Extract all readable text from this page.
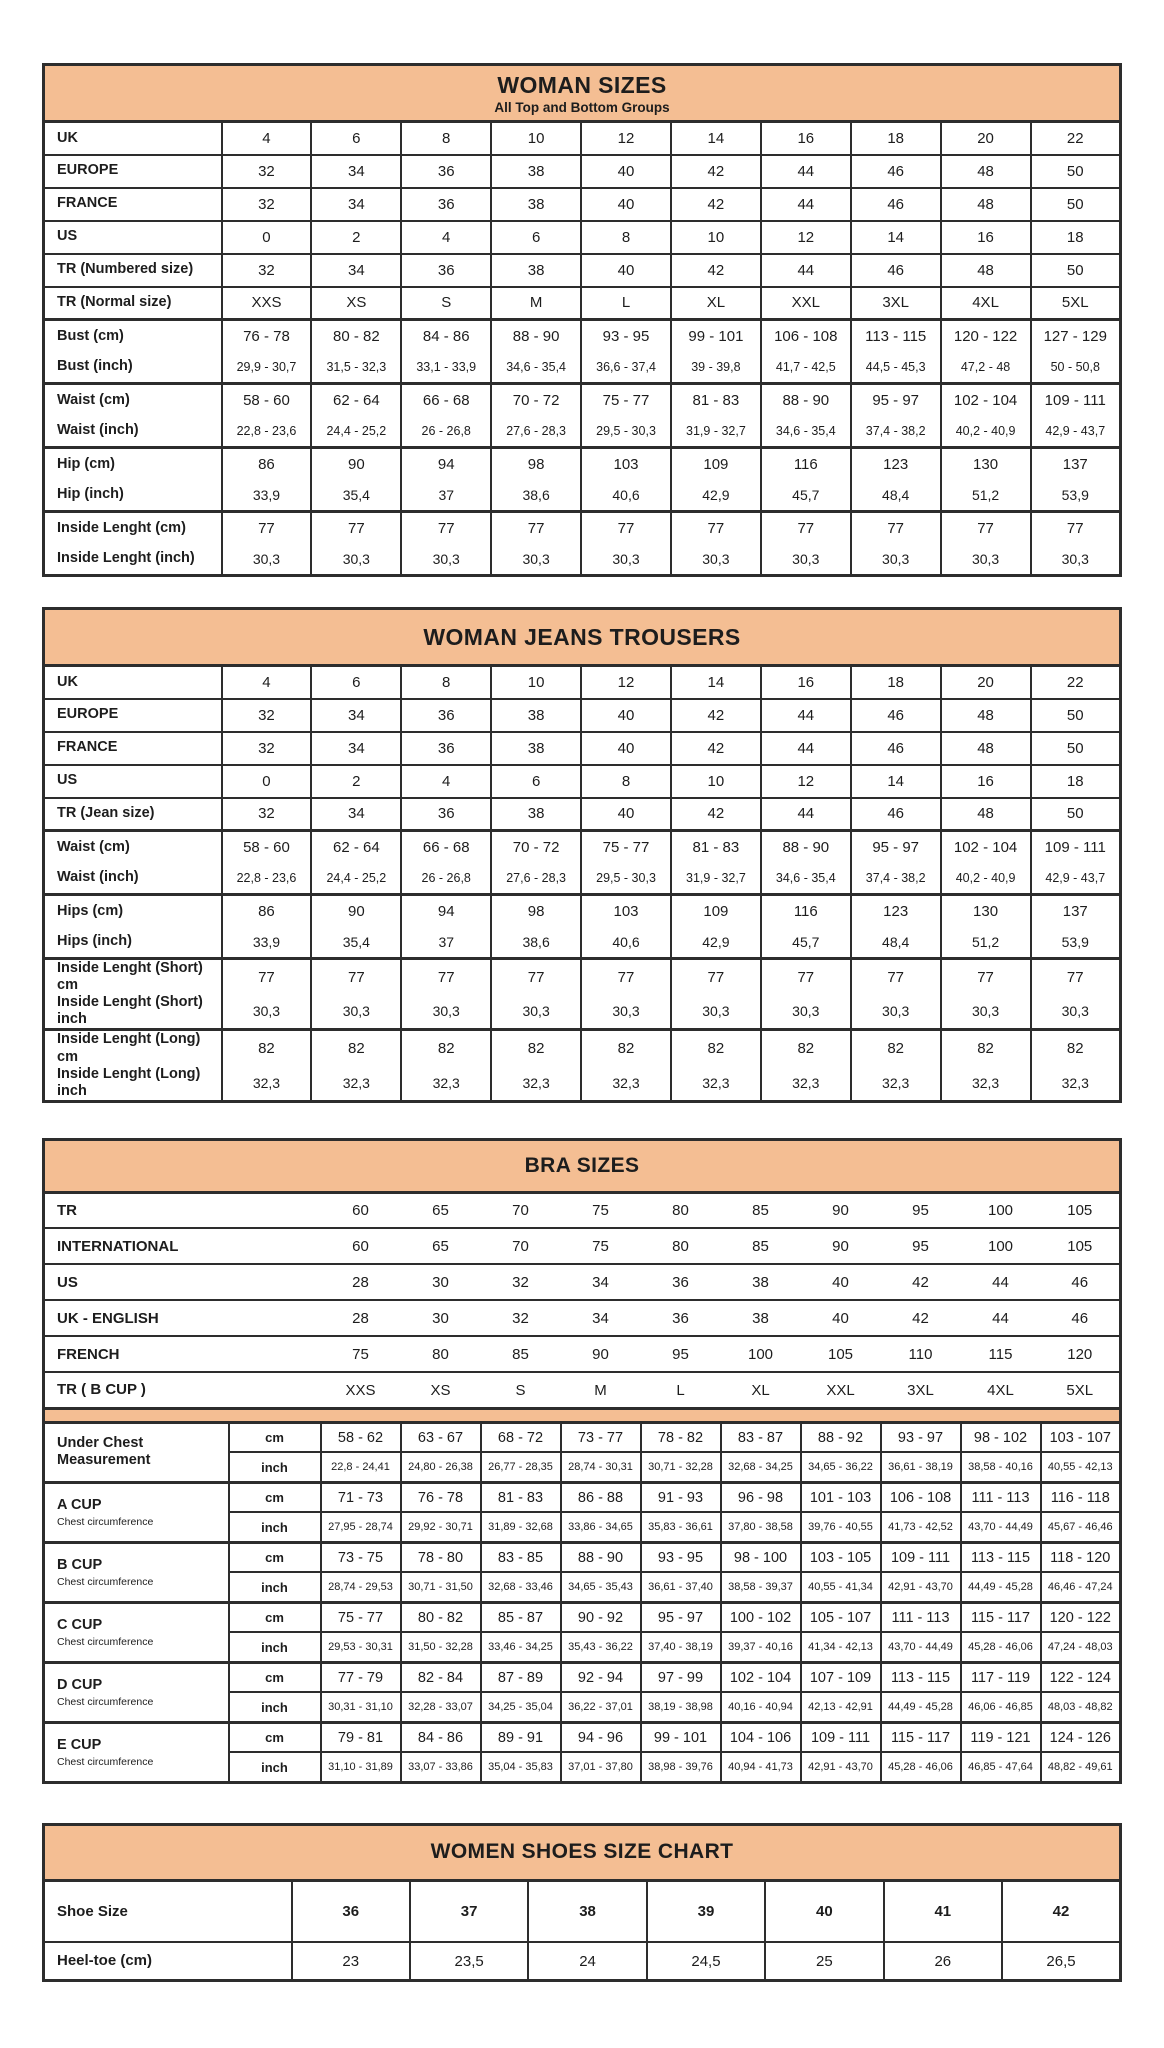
WOMAN SIZES
All Top and Bottom Groups										

UK	4	6	8	10	12	14	16	18	20	22

EUROPE	32	34	36	38	40	42	44	46	48	50

FRANCE	32	34	36	38	40	42	44	46	48	50

US	0	2	4	6	8	10	12	14	16	18

TR (Numbered size)	32	34	36	38	40	42	44	46	48	50

TR (Normal size)	XXS	XS	S	M	L	XL	XXL	3XL	4XL	5XL

Bust (cm)	76 - 78	80 - 82	84 - 86	88 - 90	93 - 95	99 - 101	106 - 108	113 - 115	120 - 122	127 - 129

Bust (inch)	29,9 - 30,7	31,5 - 32,3	33,1 - 33,9	34,6 - 35,4	36,6 - 37,4	39 - 39,8	41,7 - 42,5	44,5 - 45,3	47,2 - 48	50 - 50,8

Waist (cm)	58 - 60	62 - 64	66 - 68	70 - 72	75 - 77	81 - 83	88 - 90	95 - 97	102 - 104	109 - 111

Waist (inch)	22,8 - 23,6	24,4 - 25,2	26 - 26,8	27,6 - 28,3	29,5 - 30,3	31,9 - 32,7	34,6 - 35,4	37,4 - 38,2	40,2 - 40,9	42,9 - 43,7

Hip (cm)	86	90	94	98	103	109	116	123	130	137

Hip (inch)	33,9	35,4	37	38,6	40,6	42,9	45,7	48,4	51,2	53,9

Inside Lenght (cm)	77	77	77	77	77	77	77	77	77	77

Inside Lenght (inch)	30,3	30,3	30,3	30,3	30,3	30,3	30,3	30,3	30,3	30,3
WOMAN JEANS TROUSERS										

UK	4	6	8	10	12	14	16	18	20	22

EUROPE	32	34	36	38	40	42	44	46	48	50

FRANCE	32	34	36	38	40	42	44	46	48	50

US	0	2	4	6	8	10	12	14	16	18

TR (Jean size)	32	34	36	38	40	42	44	46	48	50

Waist (cm)	58 - 60	62 - 64	66 - 68	70 - 72	75 - 77	81 - 83	88 - 90	95 - 97	102 - 104	109 - 111

Waist (inch)	22,8 - 23,6	24,4 - 25,2	26 - 26,8	27,6 - 28,3	29,5 - 30,3	31,9 - 32,7	34,6 - 35,4	37,4 - 38,2	40,2 - 40,9	42,9 - 43,7

Hips (cm)	86	90	94	98	103	109	116	123	130	137

Hips (inch)	33,9	35,4	37	38,6	40,6	42,9	45,7	48,4	51,2	53,9

Inside Lenght (Short) cm	77	77	77	77	77	77	77	77	77	77

Inside Lenght (Short) inch	30,3	30,3	30,3	30,3	30,3	30,3	30,3	30,3	30,3	30,3

Inside Lenght (Long) cm	82	82	82	82	82	82	82	82	82	82

Inside Lenght (Long) inch	32,3	32,3	32,3	32,3	32,3	32,3	32,3	32,3	32,3	32,3
BRA SIZES											

TR		60	65	70	75	80	85	90	95	100	105

INTERNATIONAL		60	65	70	75	80	85	90	95	100	105

US		28	30	32	34	36	38	40	42	44	46

UK - ENGLISH		28	30	32	34	36	38	40	42	44	46

FRENCH		75	80	85	90	95	100	105	110	115	120

TR ( B CUP )		XXS	XS	S	M	L	XL	XXL	3XL	4XL	5XL

Under Chest Measurement	cm	58 - 62	63 - 67	68 - 72	73 - 77	78 - 82	83 - 87	88 - 92	93 - 97	98 - 102	103 - 107
	inch	22,8 - 24,41	24,80 - 26,38	26,77 - 28,35	28,74 - 30,31	30,71 - 32,28	32,68 - 34,25	34,65 - 36,22	36,61 - 38,19	38,58 - 40,16	40,55 - 42,13

A CUP
Chest circumference	cm	71 - 73	76 - 78	81 - 83	86 - 88	91 - 93	96 - 98	101 - 103	106 - 108	111 - 113	116 - 118
	inch	27,95 - 28,74	29,92 - 30,71	31,89 - 32,68	33,86 - 34,65	35,83 - 36,61	37,80 - 38,58	39,76 - 40,55	41,73 - 42,52	43,70 - 44,49	45,67 - 46,46

B CUP
Chest circumference	cm	73 - 75	78 - 80	83 - 85	88 - 90	93 - 95	98 - 100	103 - 105	109 - 111	113 - 115	118 - 120
	inch	28,74 - 29,53	30,71 - 31,50	32,68 - 33,46	34,65 - 35,43	36,61 - 37,40	38,58 - 39,37	40,55 - 41,34	42,91 - 43,70	44,49 - 45,28	46,46 - 47,24

C CUP
Chest circumference	cm	75 - 77	80 - 82	85 - 87	90 - 92	95 - 97	100 - 102	105 - 107	111 - 113	115 - 117	120 - 122
	inch	29,53 - 30,31	31,50 - 32,28	33,46 - 34,25	35,43 - 36,22	37,40 - 38,19	39,37 - 40,16	41,34 - 42,13	43,70 - 44,49	45,28 - 46,06	47,24 - 48,03

D CUP
Chest circumference	cm	77 - 79	82 - 84	87 - 89	92 - 94	97 - 99	102 - 104	107 - 109	113 - 115	117 - 119	122 - 124
	inch	30,31 - 31,10	32,28 - 33,07	34,25 - 35,04	36,22 - 37,01	38,19 - 38,98	40,16 - 40,94	42,13 - 42,91	44,49 - 45,28	46,06 - 46,85	48,03 - 48,82

E CUP
Chest circumference	cm	79 - 81	84 - 86	89 - 91	94 - 96	99 - 101	104 - 106	109 - 111	115 - 117	119 - 121	124 - 126
	inch	31,10 - 31,89	33,07 - 33,86	35,04 - 35,83	37,01 - 37,80	38,98 - 39,76	40,94 - 41,73	42,91 - 43,70	45,28 - 46,06	46,85 - 47,64	48,82 - 49,61
WOMEN SHOES SIZE CHART							

Shoe Size	36	37	38	39	40	41	42

Heel-toe (cm)	23	23,5	24	24,5	25	26	26,5
